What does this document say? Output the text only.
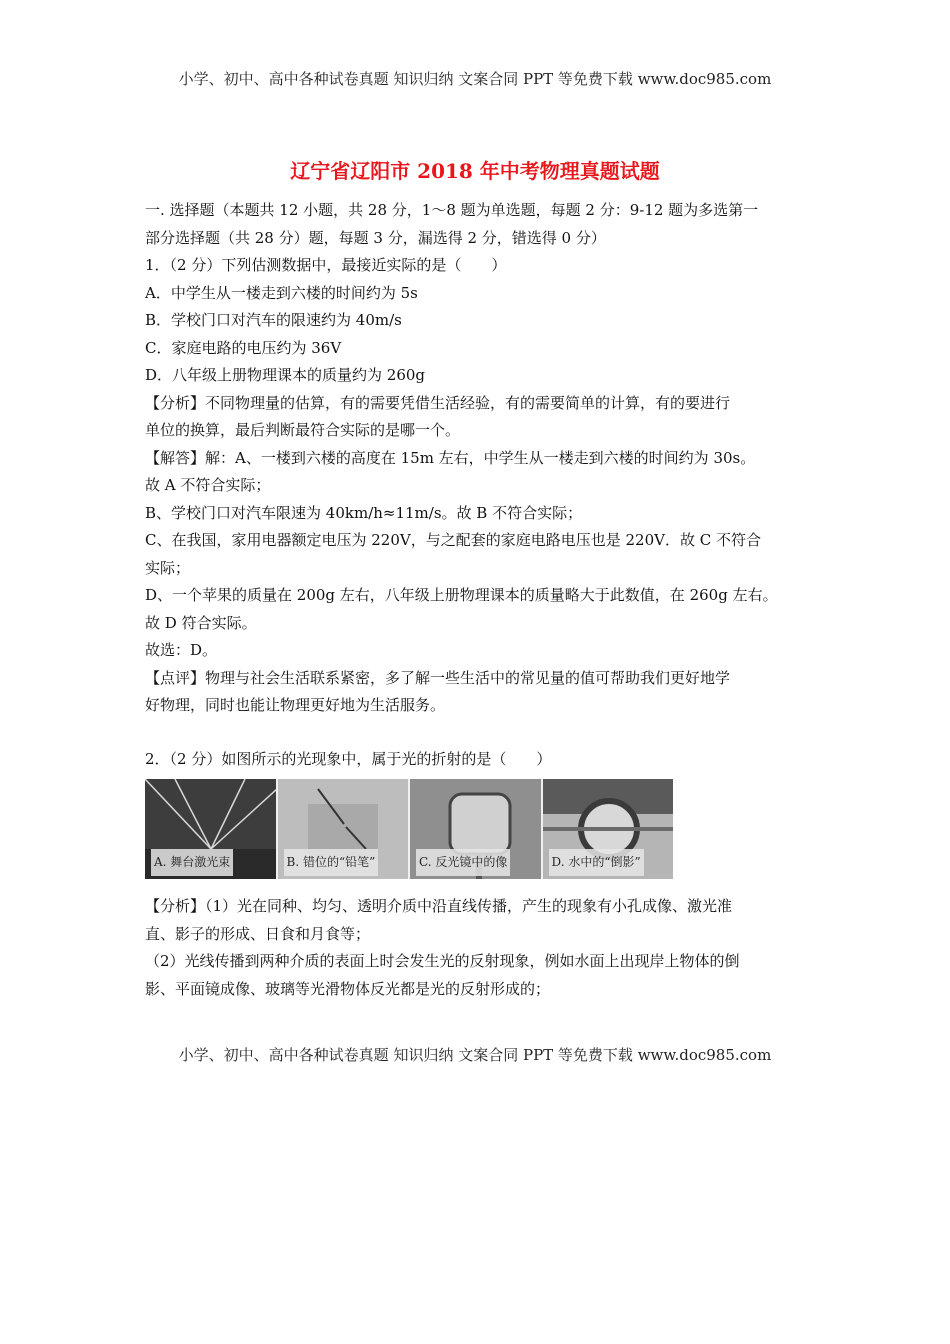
小学、初中、高中各种试卷真题 知识归纳 文案合同 PPT 等免费下载 www.doc985.com
辽宁省辽阳市 2018 年中考物理真题试题

一. 选择题（本题共 12 小题，共 28 分，1～8 题为单选题，每题 2 分：9-12 题为多选第一

部分选择题（共 28 分）题，每题 3 分，漏选得 2 分，错选得 0 分）

1．（2 分）下列估测数据中，最接近实际的是（　　）

A．中学生从一楼走到六楼的时间约为 5s

B．学校门口对汽车的限速约为 40m/s

C．家庭电路的电压约为 36V

D．八年级上册物理课本的质量约为 260g

【分析】不同物理量的估算，有的需要凭借生活经验，有的需要简单的计算，有的要进行

单位的换算，最后判断最符合实际的是哪一个。

【解答】解：A、一楼到六楼的高度在 15m 左右，中学生从一楼走到六楼的时间约为 30s。

故 A 不符合实际；

B、学校门口对汽车限速为 40km/h≈11m/s。故 B 不符合实际；

C、在我国，家用电器额定电压为 220V，与之配套的家庭电路电压也是 220V．故 C 不符合

实际；

D、一个苹果的质量在 200g 左右，八年级上册物理课本的质量略大于此数值，在 260g 左右。

故 D 符合实际。

故选：D。

【点评】物理与社会生活联系紧密，多了解一些生活中的常见量的值可帮助我们更好地学

好物理，同时也能让物理更好地为生活服务。

2．（2 分）如图所示的光现象中，属于光的折射的是（　　）

A. 舞台激光束	B. 错位的“铅笔”	C. 反光镜中的像	D. 水中的“倒影”

【分析】（1）光在同种、均匀、透明介质中沿直线传播，产生的现象有小孔成像、激光准

直、影子的形成、日食和月食等；

（2）光线传播到两种介质的表面上时会发生光的反射现象，例如水面上出现岸上物体的倒

影、平面镜成像、玻璃等光滑物体反光都是光的反射形成的；

小学、初中、高中各种试卷真题 知识归纳 文案合同 PPT 等免费下载 www.doc985.com
